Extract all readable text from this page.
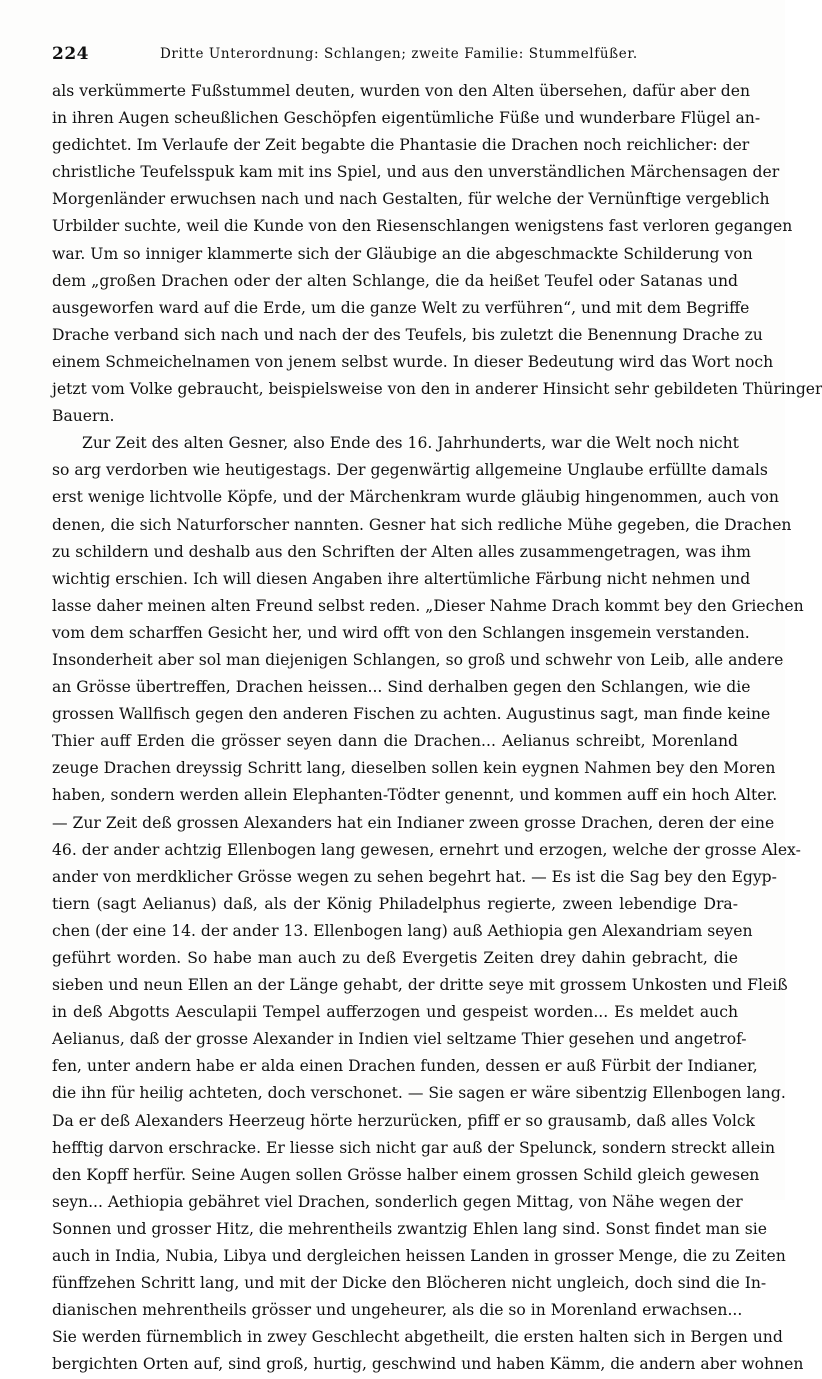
224	Dritte Unterordnung: Schlangen; zweite Familie: Stummelfüßer.
als verkümmerte Fußstummel deuten, wurden von den Alten übersehen, dafür aber den
in ihren Augen scheußlichen Geschöpfen eigentümliche Füße und wunderbare Flügel an-
gedichtet. Im Verlaufe der Zeit begabte die Phantasie die Drachen noch reichlicher: der
christliche Teufelsspuk kam mit ins Spiel, und aus den unverständlichen Märchensagen der
Morgenländer erwuchsen nach und nach Gestalten, für welche der Vernünftige vergeblich
Urbilder suchte, weil die Kunde von den Riesenschlangen wenigstens fast verloren gegangen
war. Um so inniger klammerte sich der Gläubige an die abgeschmackte Schilderung von
dem „großen Drachen oder der alten Schlange, die da heißet Teufel oder Satanas und
ausgeworfen ward auf die Erde, um die ganze Welt zu verführen“, und mit dem Begriffe
Drache verband sich nach und nach der des Teufels, bis zuletzt die Benennung Drache zu
einem Schmeichelnamen von jenem selbst wurde. In dieser Bedeutung wird das Wort noch
jetzt vom Volke gebraucht, beispielsweise von den in anderer Hinsicht sehr gebildeten Thüringer
Bauern.
Zur Zeit des alten Gesner, also Ende des 16. Jahrhunderts, war die Welt noch nicht
so arg verdorben wie heutigestags. Der gegenwärtig allgemeine Unglaube erfüllte damals
erst wenige lichtvolle Köpfe, und der Märchenkram wurde gläubig hingenommen, auch von
denen, die sich Naturforscher nannten. Gesner hat sich redliche Mühe gegeben, die Drachen
zu schildern und deshalb aus den Schriften der Alten alles zusammengetragen, was ihm
wichtig erschien. Ich will diesen Angaben ihre altertümliche Färbung nicht nehmen und
lasse daher meinen alten Freund selbst reden. „Dieser Nahme Drach kommt bey den Griechen
vom dem scharffen Gesicht her, und wird offt von den Schlangen insgemein verstanden.
Insonderheit aber sol man diejenigen Schlangen, so groß und schwehr von Leib, alle andere
an Grösse übertreffen, Drachen heissen... Sind derhalben gegen den Schlangen, wie die
grossen Wallfisch gegen den anderen Fischen zu achten. Augustinus sagt, man finde keine
Thier auff Erden die grösser seyen dann die Drachen... Aelianus schreibt, Morenland
zeuge Drachen dreyssig Schritt lang, dieselben sollen kein eygnen Nahmen bey den Moren
haben, sondern werden allein Elephanten-Tödter genennt, und kommen auff ein hoch Alter.
— Zur Zeit deß grossen Alexanders hat ein Indianer zween grosse Drachen, deren der eine
46. der ander achtzig Ellenbogen lang gewesen, ernehrt und erzogen, welche der grosse Alex-
ander von merdklicher Grösse wegen zu sehen begehrt hat. — Es ist die Sag bey den Egyp-
tiern (sagt Aelianus) daß, als der König Philadelphus regierte, zween lebendige Dra-
chen (der eine 14. der ander 13. Ellenbogen lang) auß Aethiopia gen Alexandriam seyen
geführt worden. So habe man auch zu deß Evergetis Zeiten drey dahin gebracht, die
sieben und neun Ellen an der Länge gehabt, der dritte seye mit grossem Unkosten und Fleiß
in deß Abgotts Aesculapii Tempel aufferzogen und gespeist worden... Es meldet auch
Aelianus, daß der grosse Alexander in Indien viel seltzame Thier gesehen und angetrof-
fen, unter andern habe er alda einen Drachen funden, dessen er auß Fürbit der Indianer,
die ihn für heilig achteten, doch verschonet. — Sie sagen er wäre sibentzig Ellenbogen lang.
Da er deß Alexanders Heerzeug hörte herzurücken, pfiff er so grausamb, daß alles Volck
hefftig darvon erschracke. Er liesse sich nicht gar auß der Spelunck, sondern streckt allein
den Kopff herfür. Seine Augen sollen Grösse halber einem grossen Schild gleich gewesen
seyn... Aethiopia gebähret viel Drachen, sonderlich gegen Mittag, von Nähe wegen der
Sonnen und grosser Hitz, die mehrentheils zwantzig Ehlen lang sind. Sonst findet man sie
auch in India, Nubia, Libya und dergleichen heissen Landen in grosser Menge, die zu Zeiten
fünffzehen Schritt lang, und mit der Dicke den Blöcheren nicht ungleich, doch sind die In-
dianischen mehrentheils grösser und ungeheurer, als die so in Morenland erwachsen...
Sie werden fürnemblich in zwey Geschlecht abgetheilt, die ersten halten sich in Bergen und
bergichten Orten auf, sind groß, hurtig, geschwind und haben Kämm, die andern aber wohnen
